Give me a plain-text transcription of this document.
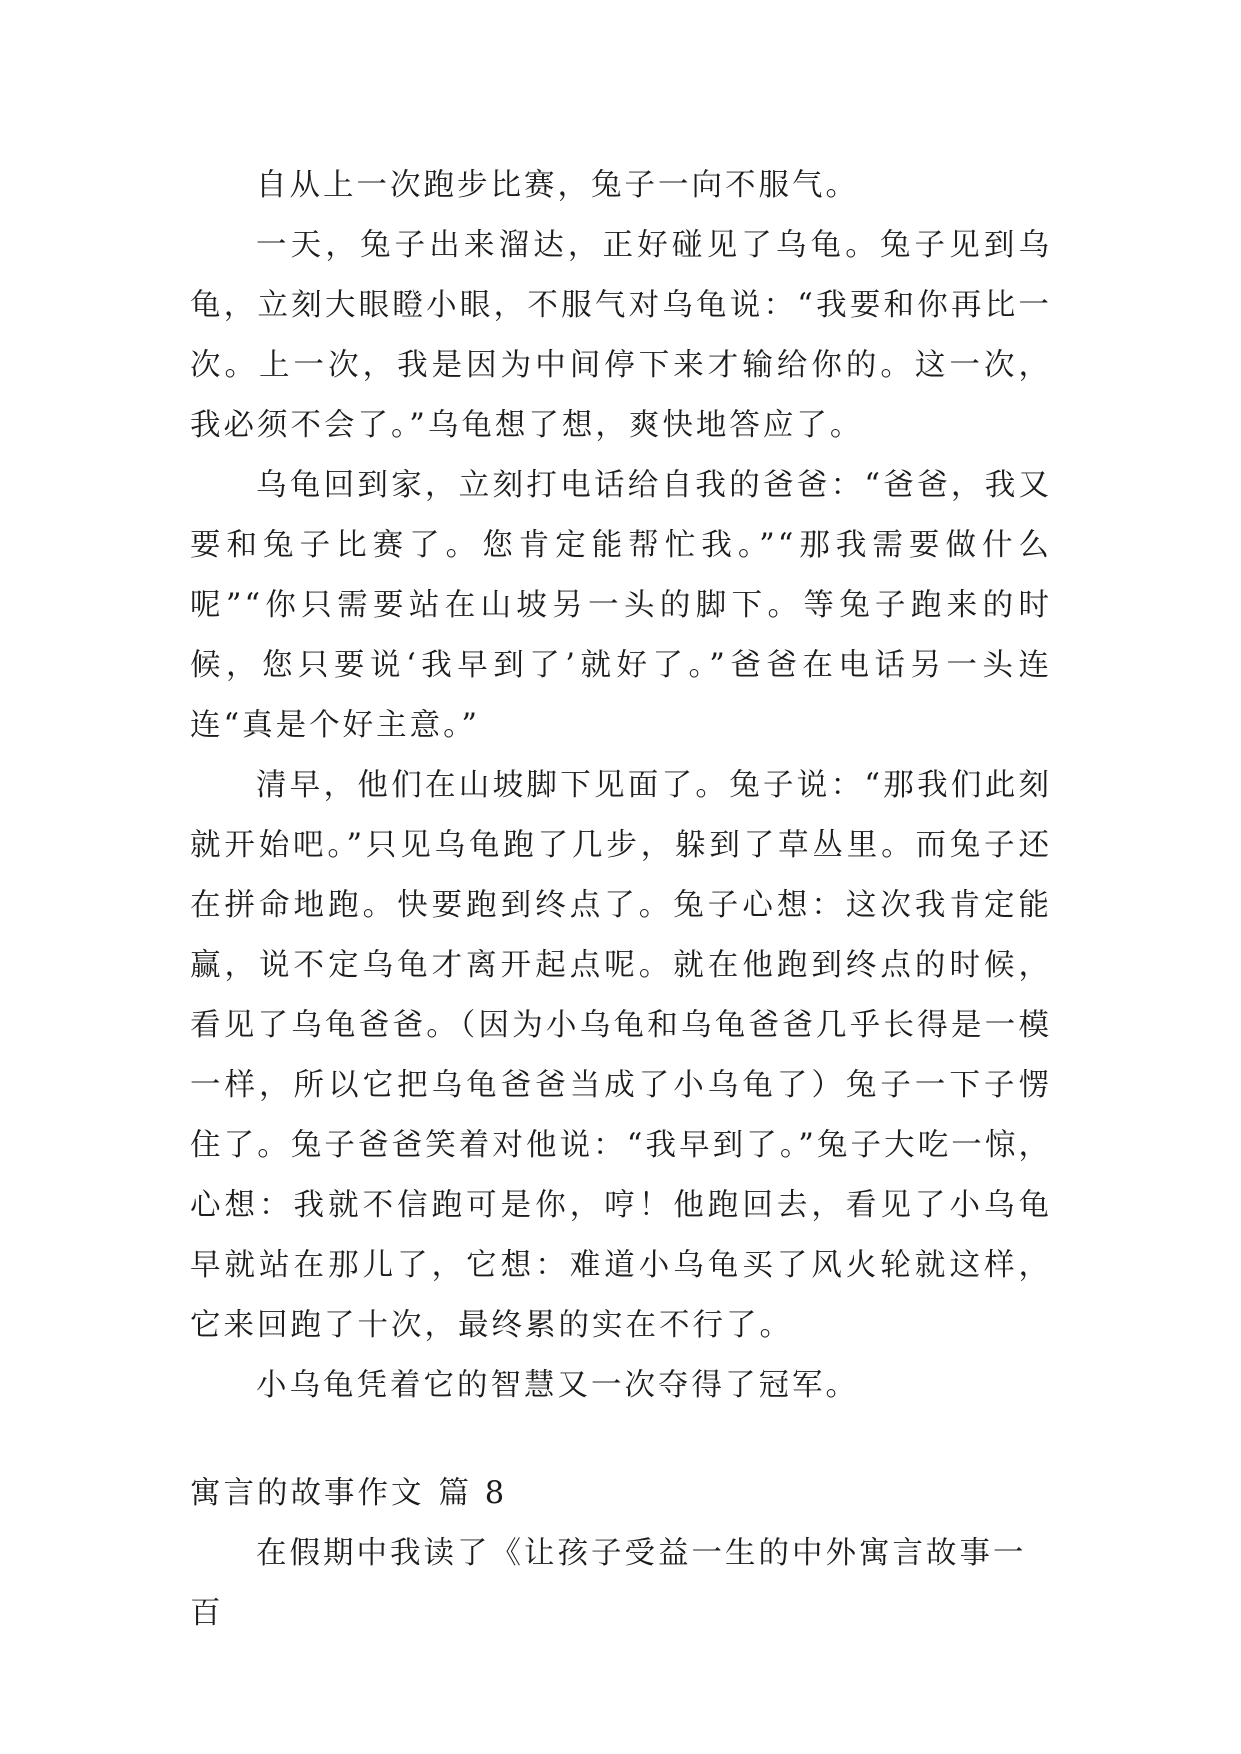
自从上一次跑步比赛，兔子一向不服气。

一天，兔子出来溜达，正好碰见了乌龟。兔子见到乌龟，立刻大眼瞪小眼，不服气对乌龟说：“我要和你再比一次。上一次，我是因为中间停下来才输给你的。这一次，我必须不会了。”乌龟想了想，爽快地答应了。

乌龟回到家，立刻打电话给自我的爸爸：“爸爸，我又要和兔子比赛了。您肯定能帮忙我。”“那我需要做什么呢”“你只需要站在山坡另一头的脚下。等兔子跑来的时候，您只要说‘我早到了’就好了。”爸爸在电话另一头连连“真是个好主意。”

清早，他们在山坡脚下见面了。兔子说：“那我们此刻就开始吧。”只见乌龟跑了几步，躲到了草丛里。而兔子还在拼命地跑。快要跑到终点了。兔子心想：这次我肯定能赢，说不定乌龟才离开起点呢。就在他跑到终点的时候，看见了乌龟爸爸。（因为小乌龟和乌龟爸爸几乎长得是一模一样，所以它把乌龟爸爸当成了小乌龟了）兔子一下子愣住了。兔子爸爸笑着对他说：“我早到了。”兔子大吃一惊，心想：我就不信跑可是你，哼！他跑回去，看见了小乌龟早就站在那儿了，它想：难道小乌龟买了风火轮就这样，它来回跑了十次，最终累的实在不行了。

小乌龟凭着它的智慧又一次夺得了冠军。

寓言的故事作文 篇 8

在假期中我读了《让孩子受益一生的中外寓言故事一百
